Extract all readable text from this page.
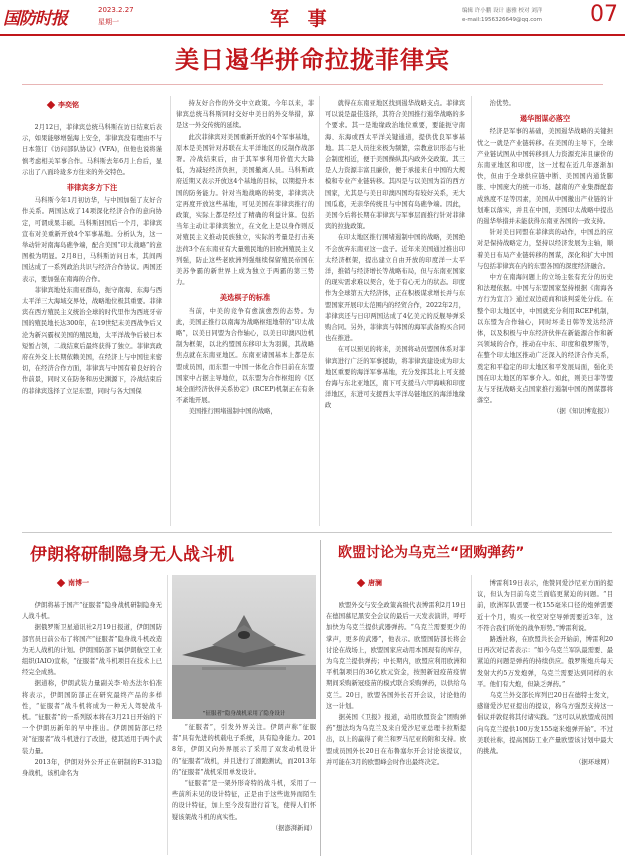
国防时报	2023.2.27
星期一	军 事	编辑 许小鹏 设计 惠雅 校对 刘洋
e-mail:1956326649@qq.com 07
美日遏华拼命拉拢菲律宾
李奕铭

2月12日，菲律宾总统马科斯在访日结束后表示，如果能够增强海上安全，菲律宾没有理由不与日本签订《访问部队协议》(VFA)，但他也说将谨慎考虑相关军事合作。马科斯去年6月上台后，显示出了八面玲珑多方往来的外交特色。

菲律宾多方下注

马科斯今年1月初访华，与中国加强了友好合作关系。两国达成了14项深化经济合作的意向协定，可谓成果丰硕。马科斯回国后一个月，菲律宾宣布对美重新开放4个军事基地。分析认为，这一举动针对南海岛礁争端，配合美国“印太战略”的意图极为明显。2月8日，马科斯访问日本，其间两国达成了一系列政治共识与经济合作协议。两国还表示，要加强在南海的合作。

菲律宾地处东南亚群岛，扼守南海、东海与西太平洋三大海域交界处，战略地位极其重要。菲律宾在西方殖民主义统治全球的时代里作为西班牙帝国的殖民地长达300年，在19世纪末美西战争后又沦为新兴霸权美国的殖民地，太平洋战争后被日本短暂占领，二战结束后最终获得了独立。菲律宾政府在外交上长期依赖美国，在经济上与中国往来密切，在经济合作方面，菲律宾与中国有着良好的合作前景，同时又在防务和历史渊源下，冷战结束后的菲律宾选择了立足东盟，同时与各大国保

持友好合作的外交中立政策。今年以来，菲律宾总统马科斯同时交好中美日的外交举措，算是这一外交传统的延续。

此次菲律宾对美国重新开放的4个军事基地，原本是美国针对苏联在太平洋地区的反制作战部署。冷战结束后，由于其军事利用价值大大降低，为减轻经济负担，美国撤离人员。马科斯政府近期又表示开放这4个基地的目标，以期提升本国的防务能力。针对当地战略的转变，菲律宾决定再度开放这些基地，可见美国在菲律宾推行的政策，实际上都是经过了精确的利益计算。包括当年主动让菲律宾独立，在文化上是以身作则反对殖民主义推动民族独立，实际的考量是打击英法荷3个在东南亚有大量殖民地的旧欧洲殖民主义列强，防止这些老欧洲列强继续保留殖民帝国在美苏争霸的新世界上成为独立于两霸的第三势力。

美选棋子的标准

当前，中美的竞争有愈演愈烈的态势。为此，美国正推行以南海为战略枢纽地带的“印太战略”，以美日同盟为合作轴心，以美日印澳四边机制为框架，以北约盟国东移印太为羽翼，其战略焦点就在东南亚地区。东南亚诸国基本上都是东盟成员国，而东盟一中国一体化合作目前在东盟国家中占据主导地位，以东盟为合作枢纽的《区域全面经济伙伴关系协定》(RCEP)机制正在有条不紊地开展。

美国推行围堵遏制中国的战略，

就得在东南亚地区找到遏华战略支点。菲律宾可以说是最佳选择，其符合美国推行遏华战略的多个要求。其一是地缘政治地位重要，要能扼守南海、东海或西太平洋关键通道，提供优良军事基地。其二是人员往来极为频繁，宗教意识形态与社会制度相近，便于美国操纵其内政外交政策。其三是人力资源丰富且廉价，便于承接来自中国的大规模和专业产业链转移。其四是与以美国为首的西方国家，尤其是与美日印澳四国均有较好关系，无大国瓜葛，无亲华传统且与中国有岛礁争端。因此，美国今后将长期在菲律宾与军事层面推行针对菲律宾的拉拢政策。

在印太地区推行围堵遏制中国的战略，美国绝不会放弃东南亚这一盘子。近年来美国通过推出印太经济框架，提出建立自由开放的印度洋一太平洋，推销与经济增长等战略布局，但与东南亚国家的现实需求难以契合，处于有心无力的状态。印度作为全球第五大经济体，正在积极谋求增长并与东盟国家开展印太范围内的经贸合作，2022年2月，菲律宾还与日印两国达成了4亿美元的反舰导弹采购合同。另外，菲律宾与韩国的海军武备购买合同也在推进。

在可以预见的将来，美国将动员盟国体系对菲律宾进行广泛的军事援助，将菲律宾建设成为印太地区重要的海洋军事基地，充分发挥其北上可支援台海与东北亚地区，南下可支援马六甲海峡和印度洋地区，东进可支援西太平洋岛链地区的海洋地缘政

治优势。

遏华图谋必落空

经济是军事的基础，美国遏华战略的关键担忧之一就是产业链转移。在美国的主导下，全球产业链试图从中国转移到人力资源充沛且廉价的东南亚地区和印度，这一过程在近几年逐渐加快，但由于全球供应链中断、美国国内通货膨胀、中国庞大的统一市场、越南的产业集群配套成熟度不足等因素，美国从中国撤出产业链的计划难以落实，并且在中国，美国印太战略中提出的遏华举措并未能获得东南亚各国的一致支持。

针对美日同盟在菲律宾的动作，中国总的应对是保持战略定力，坚持以经济发展为主轴，顺着美日布局产业链转移的图谋，深化和扩大中国与包括菲律宾在内的东盟各国的深度经济融合。

中方在南海问题上的立场主张有充分的历史和法理依据。中国与东盟国家坚持根据《南海各方行为宣言》通过双边磋商和谈判妥处分歧。在整个印太地区中，中国就充分利用RCEP机制，以东盟为合作轴心，同时坏柔日韩等发达经济体，以及积极与中东经济伙伴在新能源合作和新兴领域的合作，推动在中东、印度和俄罗斯等，在整个印太地区推动广泛深入的经济合作关系，奠定和平稳定的印太地区和平发展局面，强化美国在印太地区的军事介入。如此，则美日菲等盟友与牙抚战略支点国家推行遏制中国的图谋都将落空。

（据《知识博览报》）
伊朗将研制隐身无人战斗机
南博一

伊朗将基于国产“征服者”隐身战机研制隐身无人战斗机。

据俄罗斯卫星通讯社2月19日报道，伊朗国防部官员日前公布了将国产“征服者”隐身战斗机改造为无人战机的计划。伊朗国防部下属伊朗航空工业组织(IAIO)宣称，“征服者”战斗机项目在技术上已经完全成熟。

据道称，伊朗武装力量副关李·哈杰法尔伯准将表示，伊朗国防部正在研究最终产品的多样性，“征服者”战斗机将成为一种无人驾驶战斗机。“征服者”的一系列版本将在3月21日开始的下一个伊朗历新年的早中推出。伊朗国防部已经对“征服者”战斗机进行了改进，使其适用于两个武装力量。

2013年，伊朗对外公开正在研制的F-313隐身战机，该机命名为

“征服者”隐身战机采用了隐身设计

“征服者”，引发外界关注。伊朗声称“征服者”具有先进的机载电子系统，具有隐身能力。2018年，伊朗又向外界展示了采用了双发动机设计的“征服者”战机，并且进行了滑跑测试，而2013年的“征服者”战机采用单发设计。

“征服者”是一架外形奇特的战斗机，采用了一些前所未见的设计特征，正是由于这些诡异而陌生的设计特征，加上至今没有进行首飞，使得人们怀疑该架战斗机的真实性。

（据澎湃新闻）
欧盟讨论为乌克兰“团购弹药”
唐澜

欧盟外交与安全政策高级代表博雷利2月19日在德国慕尼黑安全会议的最后一天发表演讲，呼吁加快为乌克兰提供武器弹药。“乌克兰需要更少的掌声，更多的武器”，他表示。欧盟国防部长将会讨论在战场上，欧盟国家应动用本国现有的库存，为乌克兰提供弹药；中长期内，欧盟应利用欧洲和平机制项目的36亿欧元资金，按照新冠疫苗疫情期间采购新冠疫苗的模式联合采购弹药，以供给乌克兰。20日，欧盟各国外长召开会议，讨论他的这一计划。

据英国《卫报》报道，动用欧盟资金“团购弹药”想法均为乌克兰及来自爱沙尼亚总理卡拉斯提出，以上的赢得了荷兰和罗马尼亚的附和支持。欧盟成员国外长20日在布鲁塞尔开会讨论该提议，并可能在3月的欧盟峰会时作出最终决定。

博雷利19日表示，他赞同爱沙尼亚方面的提议，但认为目前乌克兰面临更紧迫的问题。“目前，欧洲军队需要一枚155毫米口径的炮弹需要近十个月，购买一枚空对空导弹需要近3年，这不符合我们所处的战争形势。”博雷利说。

路透社称，在欧盟共长会开始前，博雷利20日再次对记者表示：“如今乌克兰军队最需要、最紧迫的问题是弹药的持续供应。俄罗斯炮兵每天发射大约5万发炮弹，乌克兰需要达到同样的水平。他们有大炮，但缺乏弹药。”

乌克兰外交部长库列巴20日在德特士发文，感谢爱沙尼亚提出的提议，称乌方强烈支持这一倡议并敦促将其付诸实践。“这可以从欧盟成员国向乌克兰提供100万发155毫米炮弹开始”。不过美联社称，提高国防工业产量欧盟该讨划中最大的挑战。

（据环球网）
